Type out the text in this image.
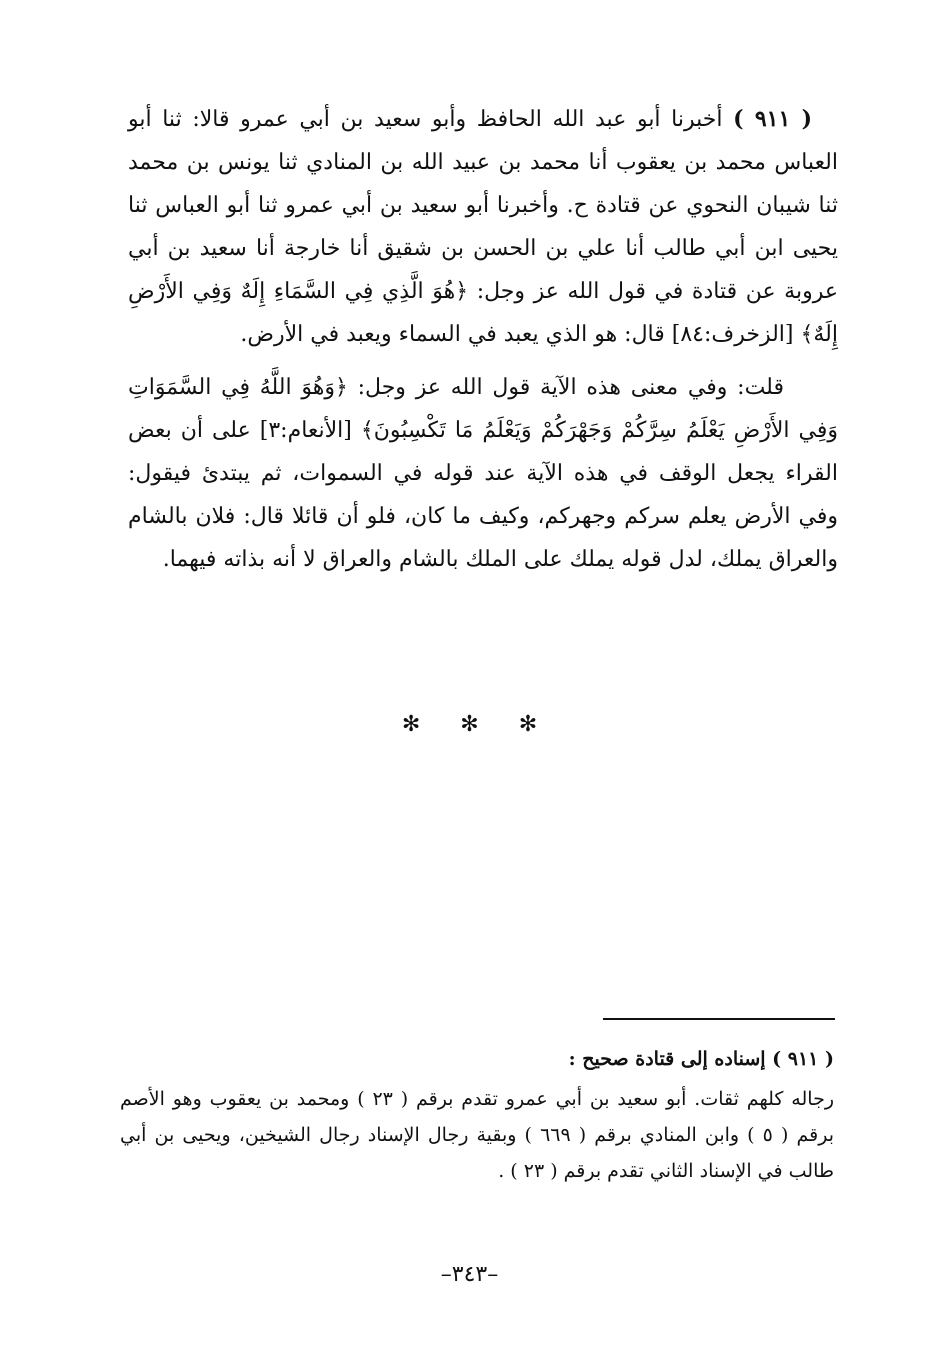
( ٩١١ ) أخبرنا أبو عبد الله الحافظ وأبو سعيد بن أبي عمرو قالا: ثنا أبو العباس محمد بن يعقوب أنا محمد بن عبيد الله بن المنادي ثنا يونس بن محمد ثنا شيبان النحوي عن قتادة ح. وأخبرنا أبو سعيد بن أبي عمرو ثنا أبو العباس ثنا يحيى ابن أبي طالب أنا علي بن الحسن بن شقيق أنا خارجة أنا سعيد بن أبي عروبة عن قتادة في قول الله عز وجل: ﴿هُوَ الَّذِي فِي السَّمَاءِ إِلَهٌ وَفِي الأَرْضِ إِلَهٌ﴾ [الزخرف:٨٤] قال: هو الذي يعبد في السماء ويعبد في الأرض.

قلت: وفي معنى هذه الآية قول الله عز وجل: ﴿وَهُوَ اللَّهُ فِي السَّمَوَاتِ وَفِي الأَرْضِ يَعْلَمُ سِرَّكُمْ وَجَهْرَكُمْ وَيَعْلَمُ مَا تَكْسِبُونَ﴾ [الأنعام:٣] على أن بعض القراء يجعل الوقف في هذه الآية عند قوله في السموات، ثم يبتدئ فيقول: وفي الأرض يعلم سركم وجهركم، وكيف ما كان، فلو أن قائلا قال: فلان بالشام والعراق يملك، لدل قوله يملك على الملك بالشام والعراق لا أنه بذاته فيهما.

✻ ✻ ✻

( ٩١١ ) إسناده إلى قتادة صحيح :

رجاله كلهم ثقات. أبو سعيد بن أبي عمرو تقدم برقم ( ٢٣ ) ومحمد بن يعقوب وهو الأصم برقم ( ٥ ) وابن المنادي برقم ( ٦٦٩ ) وبقية رجال الإسناد رجال الشيخين، ويحيى بن أبي طالب في الإسناد الثاني تقدم برقم ( ٢٣ ) .

–٣٤٣–
